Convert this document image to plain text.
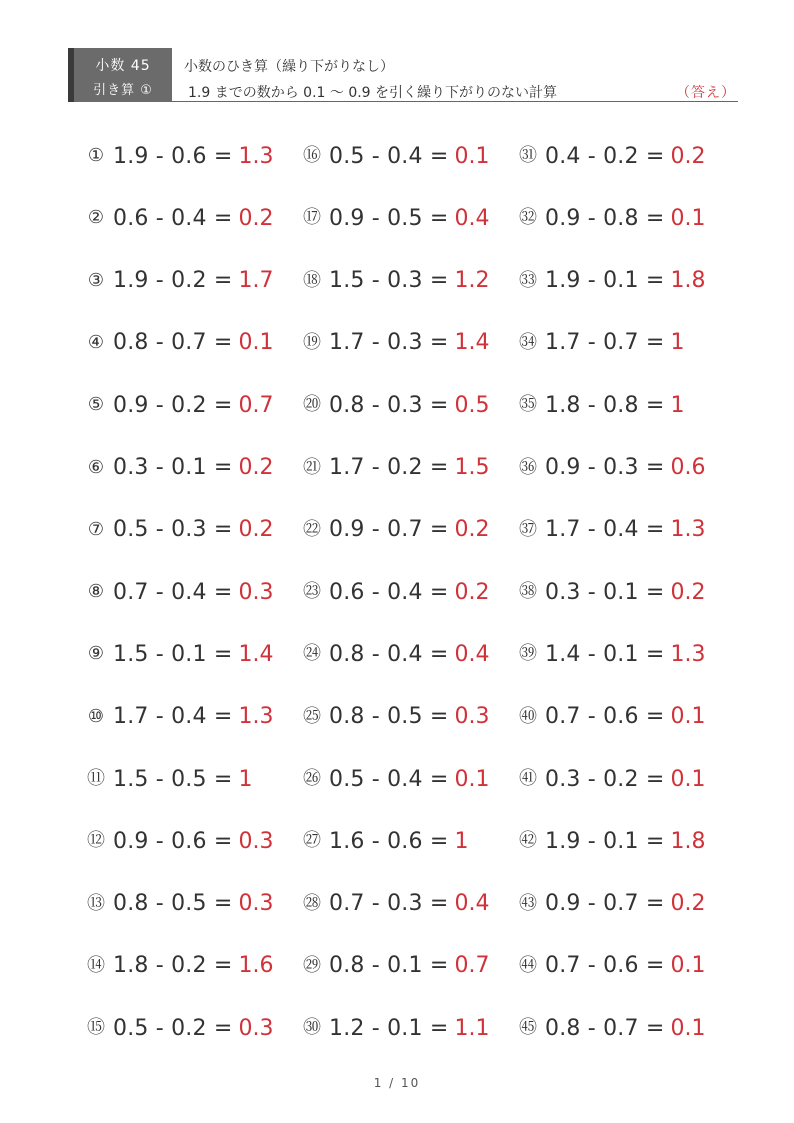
小数 45
引き算 ①
小数のひき算（繰り下がりなし）
1.9 までの数から 0.1 ～ 0.9 を引く繰り下がりのない計算	（答え）
① 1.9 - 0.6 = 1.3
② 0.6 - 0.4 = 0.2
③ 1.9 - 0.2 = 1.7
④ 0.8 - 0.7 = 0.1
⑤ 0.9 - 0.2 = 0.7
⑥ 0.3 - 0.1 = 0.2
⑦ 0.5 - 0.3 = 0.2
⑧ 0.7 - 0.4 = 0.3
⑨ 1.5 - 0.1 = 1.4
⑩ 1.7 - 0.4 = 1.3
⑪ 1.5 - 0.5 = 1
⑫ 0.9 - 0.6 = 0.3
⑬ 0.8 - 0.5 = 0.3
⑭ 1.8 - 0.2 = 1.6
⑮ 0.5 - 0.2 = 0.3
⑯ 0.5 - 0.4 = 0.1
⑰ 0.9 - 0.5 = 0.4
⑱ 1.5 - 0.3 = 1.2
⑲ 1.7 - 0.3 = 1.4
⑳ 0.8 - 0.3 = 0.5
㉑ 1.7 - 0.2 = 1.5
㉒ 0.9 - 0.7 = 0.2
㉓ 0.6 - 0.4 = 0.2
㉔ 0.8 - 0.4 = 0.4
㉕ 0.8 - 0.5 = 0.3
㉖ 0.5 - 0.4 = 0.1
㉗ 1.6 - 0.6 = 1
㉘ 0.7 - 0.3 = 0.4
㉙ 0.8 - 0.1 = 0.7
㉚ 1.2 - 0.1 = 1.1
㉛ 0.4 - 0.2 = 0.2
㉜ 0.9 - 0.8 = 0.1
㉝ 1.9 - 0.1 = 1.8
㉞ 1.7 - 0.7 = 1
㉟ 1.8 - 0.8 = 1
㊱ 0.9 - 0.3 = 0.6
㊲ 1.7 - 0.4 = 1.3
㊳ 0.3 - 0.1 = 0.2
㊴ 1.4 - 0.1 = 1.3
㊵ 0.7 - 0.6 = 0.1
㊶ 0.3 - 0.2 = 0.1
㊷ 1.9 - 0.1 = 1.8
㊸ 0.9 - 0.7 = 0.2
㊹ 0.7 - 0.6 = 0.1
㊺ 0.8 - 0.7 = 0.1
1 / 10
